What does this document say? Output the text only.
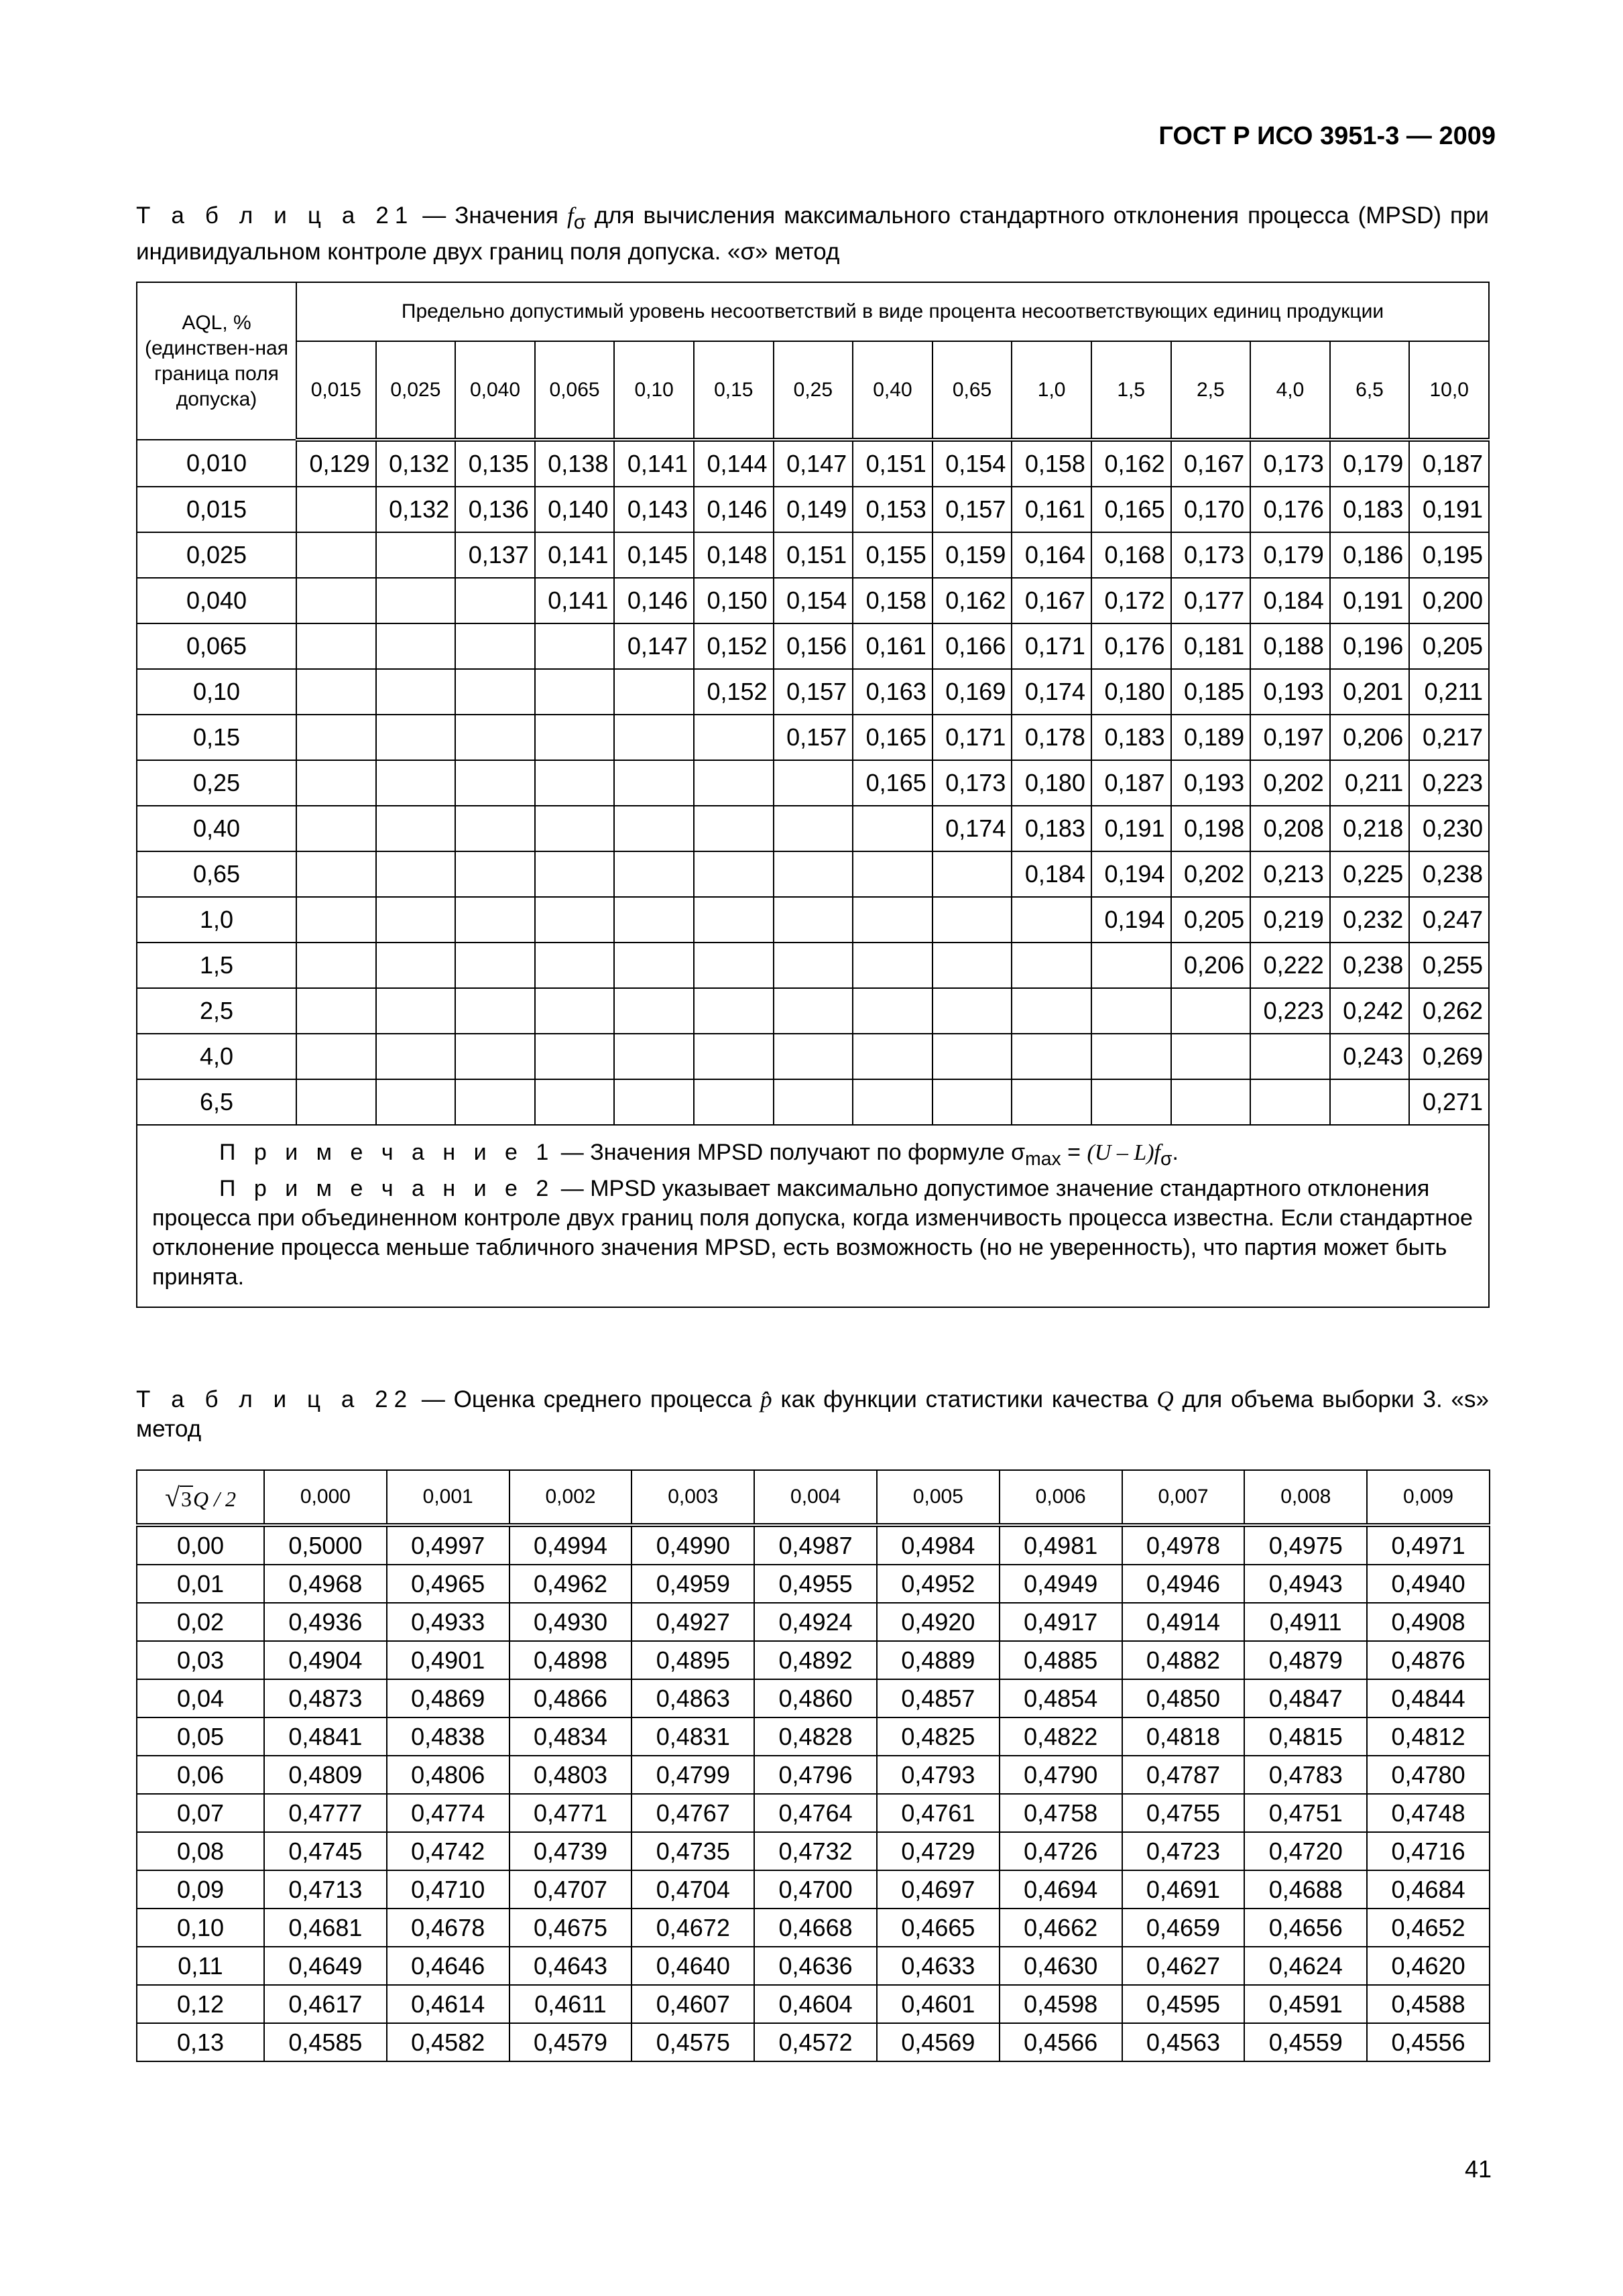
ГОСТ Р ИСО 3951-3 — 2009
Т а б л и ц а 21 — Значения $f_\sigma$ для вычисления максимального стандартного отклонения процесса (MPSD) при индивидуальном контроле двух границ поля допуска. «σ» метод
AQL, % (единствен-ная граница поля допуска)	Предельно допустимый уровень несоответствий в виде процента несоответствующих единиц продукции														
	0,015	0,025	0,040	0,065	0,10	0,15	0,25	0,40	0,65	1,0	1,5	2,5	4,0	6,5	10,0
0,010	0,129	0,132	0,135	0,138	0,141	0,144	0,147	0,151	0,154	0,158	0,162	0,167	0,173	0,179	0,187
0,015		0,132	0,136	0,140	0,143	0,146	0,149	0,153	0,157	0,161	0,165	0,170	0,176	0,183	0,191
0,025			0,137	0,141	0,145	0,148	0,151	0,155	0,159	0,164	0,168	0,173	0,179	0,186	0,195
0,040				0,141	0,146	0,150	0,154	0,158	0,162	0,167	0,172	0,177	0,184	0,191	0,200
0,065					0,147	0,152	0,156	0,161	0,166	0,171	0,176	0,181	0,188	0,196	0,205
0,10						0,152	0,157	0,163	0,169	0,174	0,180	0,185	0,193	0,201	0,211
0,15							0,157	0,165	0,171	0,178	0,183	0,189	0,197	0,206	0,217
0,25								0,165	0,173	0,180	0,187	0,193	0,202	0,211	0,223
0,40									0,174	0,183	0,191	0,198	0,208	0,218	0,230
0,65										0,184	0,194	0,202	0,213	0,225	0,238
1,0											0,194	0,205	0,219	0,232	0,247
1,5												0,206	0,222	0,238	0,255
2,5													0,223	0,242	0,262
4,0														0,243	0,269
6,5															0,271

П р и м е ч а н и е 1 — Значения MPSD получают по формуле $\sigma_{max} = (U - L)f_\sigma$.
П р и м е ч а н и е 2 — MPSD указывает максимально допустимое значение стандартного отклонения процесса при объединенном контроле двух границ поля допуска, когда изменчивость процесса известна. Если стандартное отклонение процесса меньше табличного значения MPSD, есть возможность (но не уверенность), что партия может быть принята.															
Т а б л и ц а 22 — Оценка среднего процесса p̂ как функции статистики качества Q для объема выборки 3. «s» метод
√3Q / 2	0,000	0,001	0,002	0,003	0,004	0,005	0,006	0,007	0,008	0,009
0,00	0,5000	0,4997	0,4994	0,4990	0,4987	0,4984	0,4981	0,4978	0,4975	0,4971
0,01	0,4968	0,4965	0,4962	0,4959	0,4955	0,4952	0,4949	0,4946	0,4943	0,4940
0,02	0,4936	0,4933	0,4930	0,4927	0,4924	0,4920	0,4917	0,4914	0,4911	0,4908
0,03	0,4904	0,4901	0,4898	0,4895	0,4892	0,4889	0,4885	0,4882	0,4879	0,4876
0,04	0,4873	0,4869	0,4866	0,4863	0,4860	0,4857	0,4854	0,4850	0,4847	0,4844
0,05	0,4841	0,4838	0,4834	0,4831	0,4828	0,4825	0,4822	0,4818	0,4815	0,4812
0,06	0,4809	0,4806	0,4803	0,4799	0,4796	0,4793	0,4790	0,4787	0,4783	0,4780
0,07	0,4777	0,4774	0,4771	0,4767	0,4764	0,4761	0,4758	0,4755	0,4751	0,4748
0,08	0,4745	0,4742	0,4739	0,4735	0,4732	0,4729	0,4726	0,4723	0,4720	0,4716
0,09	0,4713	0,4710	0,4707	0,4704	0,4700	0,4697	0,4694	0,4691	0,4688	0,4684
0,10	0,4681	0,4678	0,4675	0,4672	0,4668	0,4665	0,4662	0,4659	0,4656	0,4652
0,11	0,4649	0,4646	0,4643	0,4640	0,4636	0,4633	0,4630	0,4627	0,4624	0,4620
0,12	0,4617	0,4614	0,4611	0,4607	0,4604	0,4601	0,4598	0,4595	0,4591	0,4588
0,13	0,4585	0,4582	0,4579	0,4575	0,4572	0,4569	0,4566	0,4563	0,4559	0,4556
41
